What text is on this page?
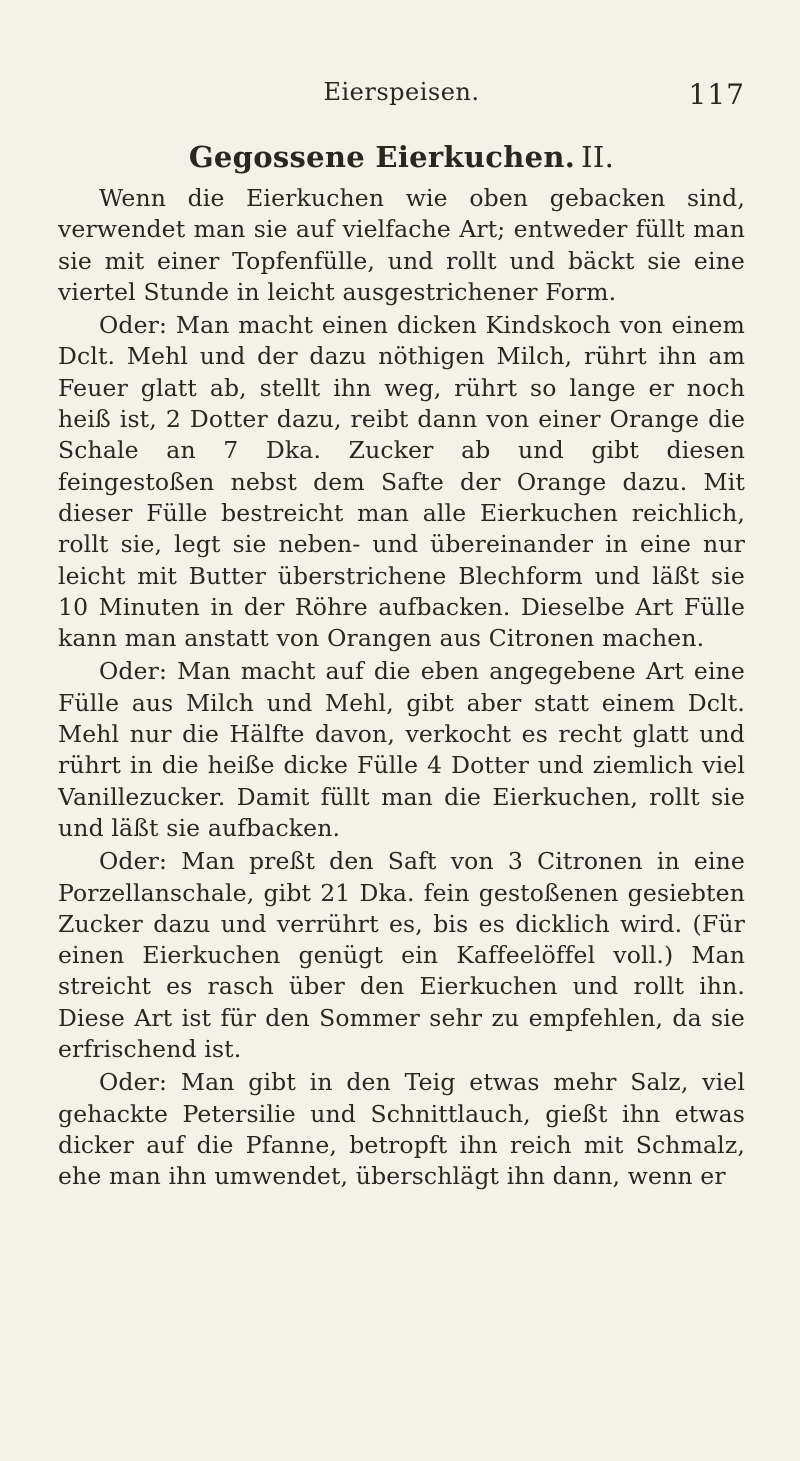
Eierspeisen.	117
Gegossene Eierkuchen. II.

Wenn die Eierkuchen wie oben gebacken sind, verwendet man sie auf vielfache Art; entweder füllt man sie mit einer Topfenfülle, und rollt und bäckt sie eine viertel Stunde in leicht ausgestrichener Form.

Oder: Man macht einen dicken Kindskoch von einem Dclt. Mehl und der dazu nöthigen Milch, rührt ihn am Feuer glatt ab, stellt ihn weg, rührt so lange er noch heiß ist, 2 Dotter dazu, reibt dann von einer Orange die Schale an 7 Dka. Zucker ab und gibt diesen feingestoßen nebst dem Safte der Orange dazu. Mit dieser Fülle bestreicht man alle Eierkuchen reichlich, rollt sie, legt sie neben- und übereinander in eine nur leicht mit Butter überstrichene Blechform und läßt sie 10 Minuten in der Röhre aufbacken. Dieselbe Art Fülle kann man anstatt von Orangen aus Citronen machen.

Oder: Man macht auf die eben angegebene Art eine Fülle aus Milch und Mehl, gibt aber statt einem Dclt. Mehl nur die Hälfte davon, verkocht es recht glatt und rührt in die heiße dicke Fülle 4 Dotter und ziemlich viel Vanillezucker. Damit füllt man die Eierkuchen, rollt sie und läßt sie aufbacken.

Oder: Man preßt den Saft von 3 Citronen in eine Porzellanschale, gibt 21 Dka. fein gestoßenen gesiebten Zucker dazu und verrührt es, bis es dicklich wird. (Für einen Eierkuchen genügt ein Kaffeelöffel voll.) Man streicht es rasch über den Eierkuchen und rollt ihn. Diese Art ist für den Sommer sehr zu empfehlen, da sie erfrischend ist.

Oder: Man gibt in den Teig etwas mehr Salz, viel gehackte Petersilie und Schnittlauch, gießt ihn etwas dicker auf die Pfanne, betropft ihn reich mit Schmalz, ehe man ihn umwendet, überschlägt ihn dann, wenn er
